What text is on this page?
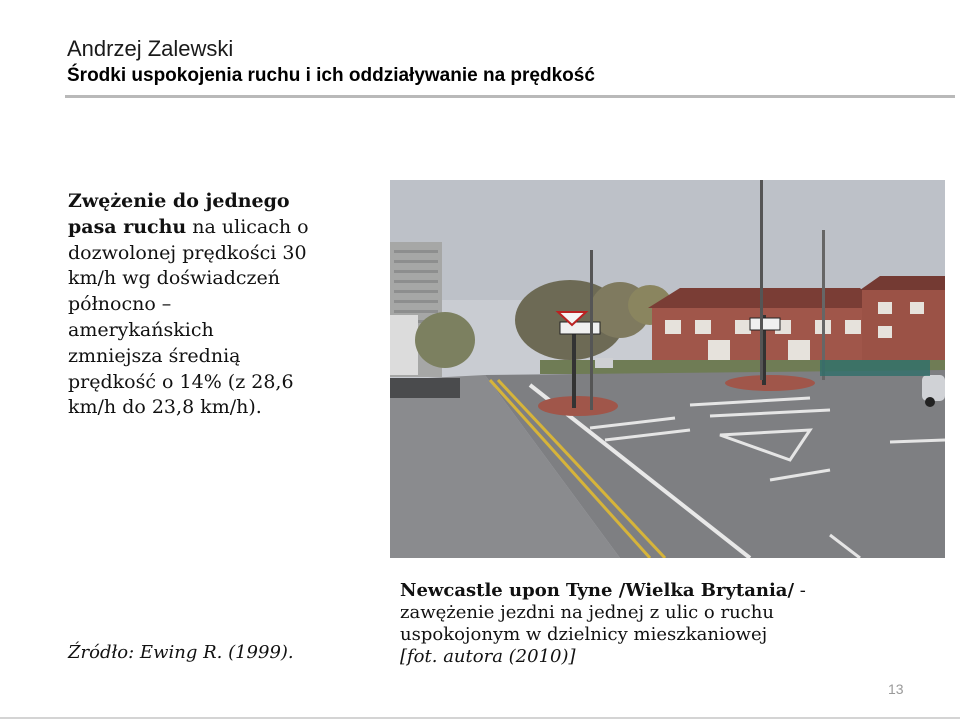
Andrzej Zalewski
Środki uspokojenia ruchu i ich oddziaływanie na prędkość
Zwężenie do jednego
pasa ruchu na ulicach o
dozwolonej prędkości 30
km/h wg doświadczeń
północno –
amerykańskich
zmniejsza średnią
prędkość o 14% (z 28,6
km/h do 23,8 km/h).
Źródło: Ewing R. (1999).
Newcastle upon Tyne /Wielka Brytania/ -
zawężenie jezdni na jednej z ulic o ruchu
uspokojonym w dzielnicy mieszkaniowej
[fot. autora (2010)]
13
